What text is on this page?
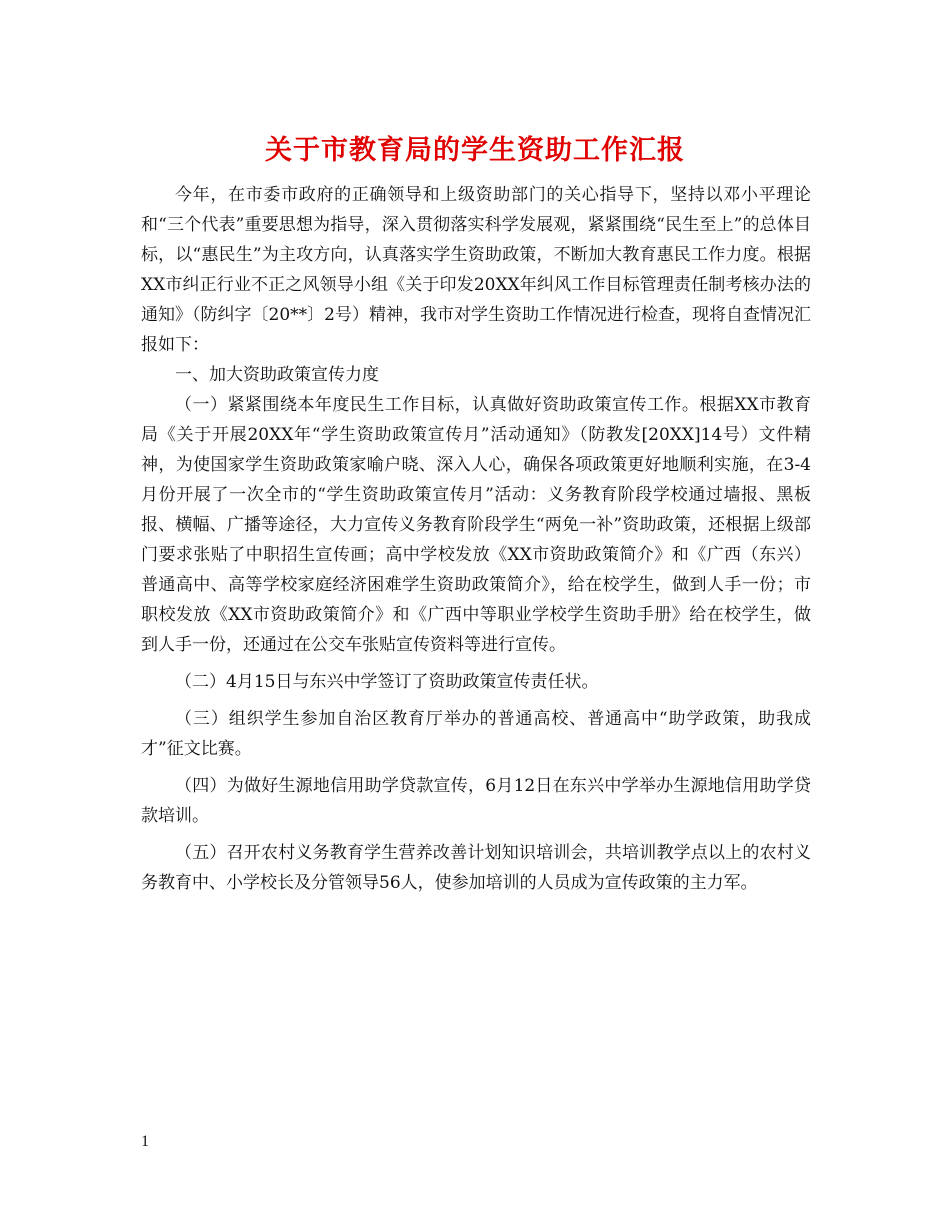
关于市教育局的学生资助工作汇报

今年，在市委市政府的正确领导和上级资助部门的关心指导下，坚持以邓小平理论和“三个代表”重要思想为指导，深入贯彻落实科学发展观，紧紧围绕“民生至上”的总体目标，以“惠民生”为主攻方向，认真落实学生资助政策，不断加大教育惠民工作力度。根据XX市纠正行业不正之风领导小组《关于印发20XX年纠风工作目标管理责任制考核办法的通知》（防纠字〔20**〕2号）精神，我市对学生资助工作情况进行检查，现将自查情况汇报如下：

一、加大资助政策宣传力度

（一）紧紧围绕本年度民生工作目标，认真做好资助政策宣传工作。根据XX市教育局《关于开展20XX年“学生资助政策宣传月”活动通知》（防教发[20XX]14号）文件精神，为使国家学生资助政策家喻户晓、深入人心，确保各项政策更好地顺利实施，在3-4月份开展了一次全市的“学生资助政策宣传月”活动：义务教育阶段学校通过墙报、黑板报、横幅、广播等途径，大力宣传义务教育阶段学生“两免一补”资助政策，还根据上级部门要求张贴了中职招生宣传画；高中学校发放《XX市资助政策简介》和《广西（东兴）普通高中、高等学校家庭经济困难学生资助政策简介》，给在校学生，做到人手一份；市职校发放《XX市资助政策简介》和《广西中等职业学校学生资助手册》给在校学生，做到人手一份，还通过在公交车张贴宣传资料等进行宣传。

（二）4月15日与东兴中学签订了资助政策宣传责任状。

（三）组织学生参加自治区教育厅举办的普通高校、普通高中“助学政策，助我成才”征文比赛。

（四）为做好生源地信用助学贷款宣传，6月12日在东兴中学举办生源地信用助学贷款培训。

（五）召开农村义务教育学生营养改善计划知识培训会，共培训教学点以上的农村义务教育中、小学校长及分管领导56人，使参加培训的人员成为宣传政策的主力军。

1
